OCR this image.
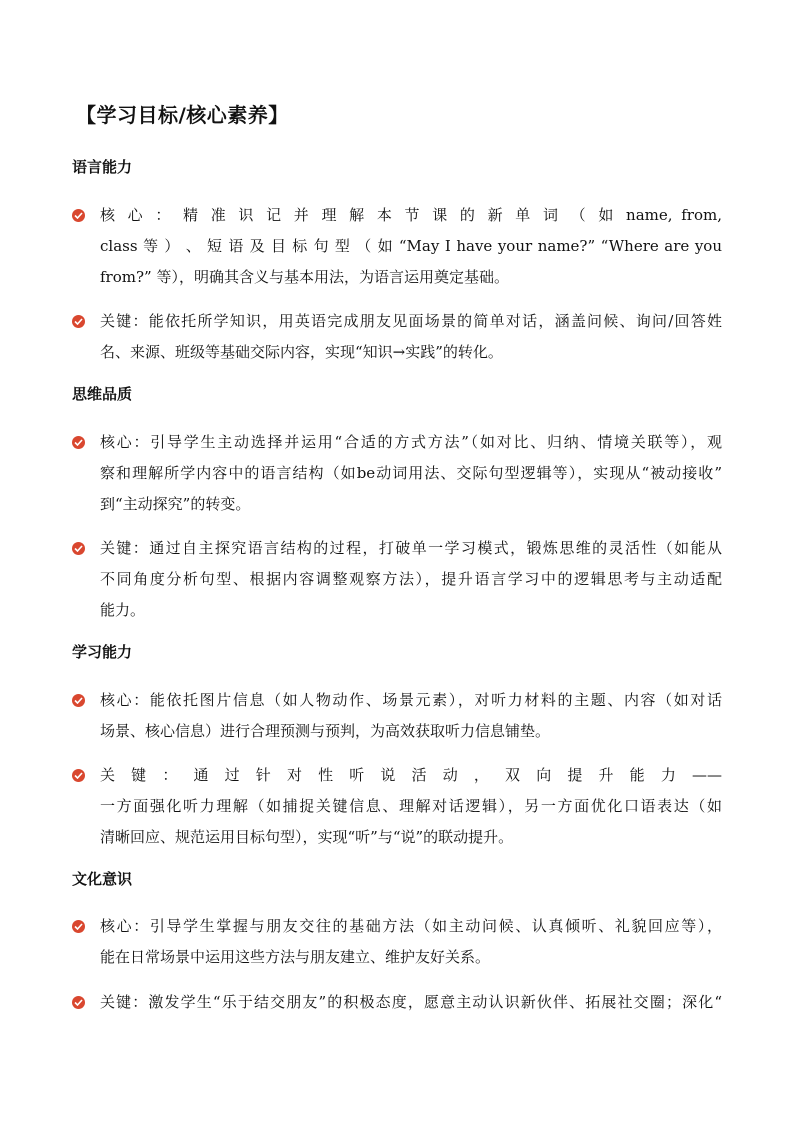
【学习目标/核心素养】
语言能力
核 心 ： 精 准 识 记 并 理 解 本 节 课 的 新 单 词 （ 如 name, from,
class 等 ） 、 短 语 及 目 标 句 型 （ 如 “May I have your name?” “Where are you
from?” 等），明确其含义与基本用法，为语言运用奠定基础。
关键：能依托所学知识，用英语完成朋友见面场景的简单对话，涵盖问候、询问/回答姓
名、来源、班级等基础交际内容，实现“知识→实践”的转化。
思维品质
核心：引导学生主动选择并运用“合适的方式方法”（如对比、归纳、情境关联等），观
察和理解所学内容中的语言结构（如be动词用法、交际句型逻辑等），实现从“被动接收”
到“主动探究”的转变。
关键：通过自主探究语言结构的过程，打破单一学习模式，锻炼思维的灵活性（如能从
不同角度分析句型、根据内容调整观察方法），提升语言学习中的逻辑思考与主动适配
能力。
学习能力
核心：能依托图片信息（如人物动作、场景元素），对听力材料的主题、内容（如对话
场景、核心信息）进行合理预测与预判，为高效获取听力信息铺垫。
关 键 ： 通 过 针 对 性 听 说 活 动 ， 双 向 提 升 能 力 ——
一方面强化听力理解（如捕捉关键信息、理解对话逻辑），另一方面优化口语表达（如
清晰回应、规范运用目标句型），实现“听”与“说”的联动提升。
文化意识
核心：引导学生掌握与朋友交往的基础方法（如主动问候、认真倾听、礼貌回应等），
能在日常场景中运用这些方法与朋友建立、维护友好关系。
关键：激发学生“乐于结交朋友”的积极态度，愿意主动认识新伙伴、拓展社交圈；深化“
